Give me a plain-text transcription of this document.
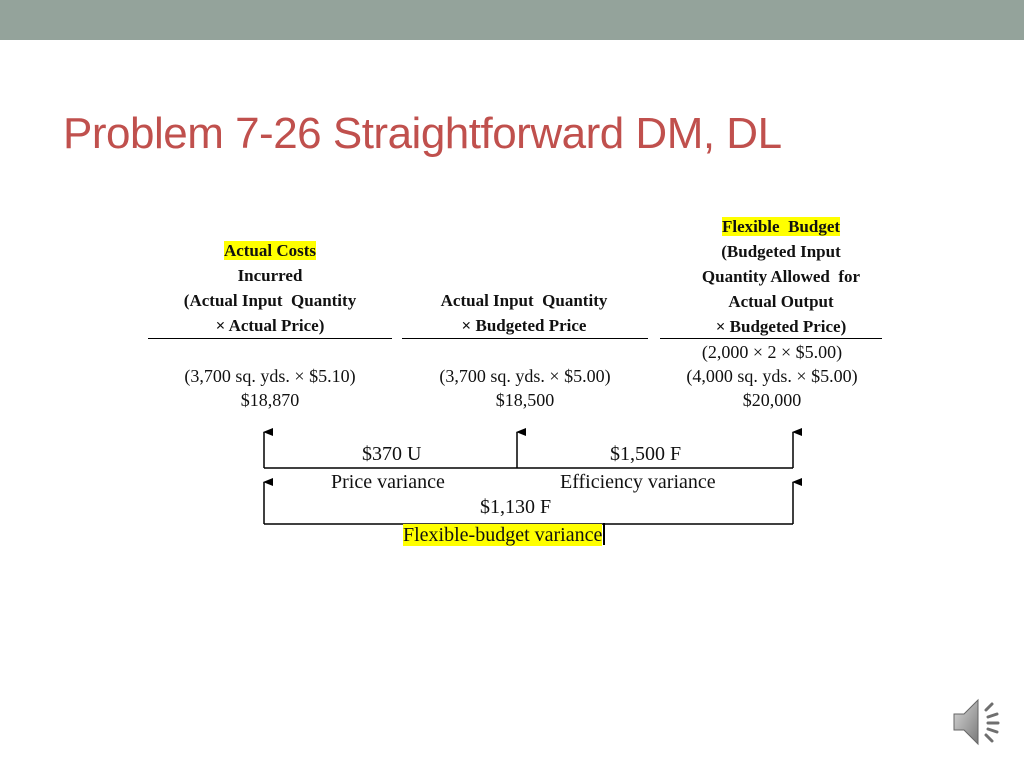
Problem 7-26 Straightforward DM, DL
Actual Costs
Incurred
(Actual Input  Quantity
× Actual Price)
(3,700 sq. yds. × $5.10)
$18,870
Actual Input  Quantity
× Budgeted Price
(3,700 sq. yds. × $5.00)
$18,500
Flexible  Budget
(Budgeted Input
Quantity Allowed  for
Actual Output
× Budgeted Price)
(2,000 × 2 × $5.00)
(4,000 sq. yds. × $5.00)
$20,000
$370 U	$1,500 F
Price variance	Efficiency variance
$1,130 F
Flexible-budget variance
